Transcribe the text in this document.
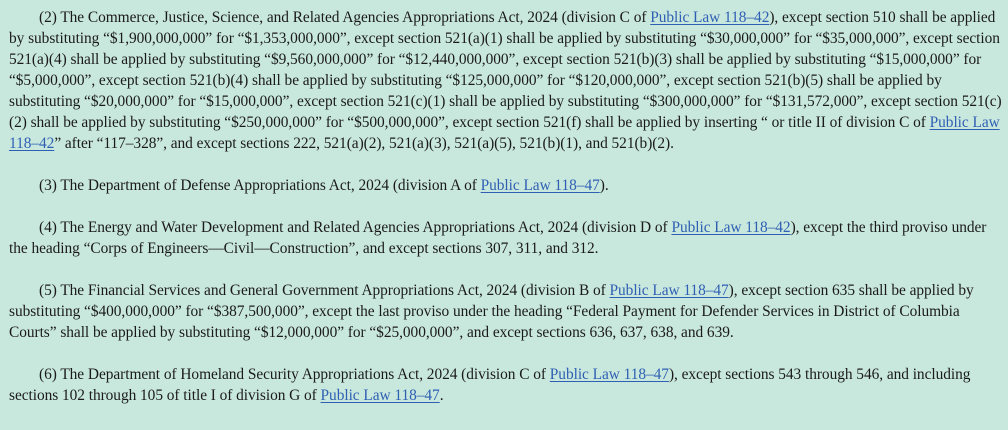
(2) The Commerce, Justice, Science, and Related Agencies Appropriations Act, 2024 (division C of Public Law 118–42), except section 510 shall be applied by substituting “$1,900,000,000” for “$1,353,000,000”, except section 521(a)(1) shall be applied by substituting “$30,000,000” for “$35,000,000”, except section 521(a)(4) shall be applied by substituting “$9,560,000,000” for “$12,440,000,000”, except section 521(b)(3) shall be applied by substituting “$15,000,000” for “$5,000,000”, except section 521(b)(4) shall be applied by substituting “$125,000,000” for “$120,000,000”, except section 521(b)(5) shall be applied by substituting “$20,000,000” for “$15,000,000”, except section 521(c)(1) shall be applied by substituting “$300,000,000” for “$131,572,000”, except section 521(c)(2) shall be applied by substituting “$250,000,000” for “$500,000,000”, except section 521(f) shall be applied by inserting “ or title II of division C of Public Law 118–42” after “117–328”, and except sections 222, 521(a)(2), 521(a)(3), 521(a)(5), 521(b)(1), and 521(b)(2).

(3) The Department of Defense Appropriations Act, 2024 (division A of Public Law 118–47).

(4) The Energy and Water Development and Related Agencies Appropriations Act, 2024 (division D of Public Law 118–42), except the third proviso under the heading “Corps of Engineers—Civil—Construction”, and except sections 307, 311, and 312.

(5) The Financial Services and General Government Appropriations Act, 2024 (division B of Public Law 118–47), except section 635 shall be applied by substituting “$400,000,000” for “$387,500,000”, except the last proviso under the heading “Federal Payment for Defender Services in District of Columbia Courts” shall be applied by substituting “$12,000,000” for “$25,000,000”, and except sections 636, 637, 638, and 639.

(6) The Department of Homeland Security Appropriations Act, 2024 (division C of Public Law 118–47), except sections 543 through 546, and including sections 102 through 105 of title I of division G of Public Law 118–47.
